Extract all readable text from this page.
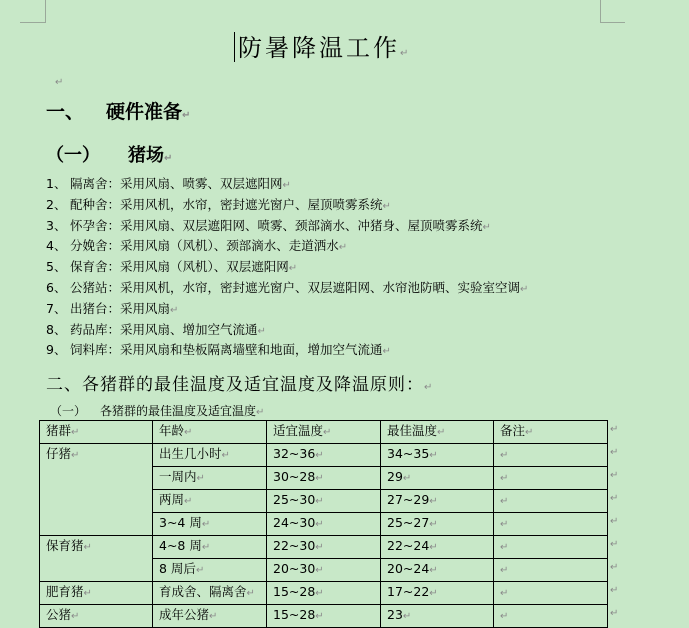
防暑降温工作↵
↵
一、 硬件准备↵
（一） 猪场↵
1、 隔离舍：采用风扇、喷雾、双层遮阳网↵
2、 配种舍：采用风机，水帘，密封遮光窗户、屋顶喷雾系统↵
3、 怀孕舍：采用风扇、双层遮阳网、喷雾、颈部滴水、冲猪身、屋顶喷雾系统↵
4、 分娩舍：采用风扇（风机）、颈部滴水、走道洒水↵
5、 保育舍：采用风扇（风机）、双层遮阳网↵
6、 公猪站：采用风机，水帘，密封遮光窗户、双层遮阳网、水帘池防晒、实验室空调↵
7、 出猪台：采用风扇↵
8、 药品库：采用风扇、增加空气流通↵
9、 饲料库：采用风扇和垫板隔离墙壁和地面，增加空气流通↵
二、各猪群的最佳温度及适宜温度及降温原则：↵
（一） 各猪群的最佳温度及适宜温度↵
猪群↵	年龄↵	适宜温度↵	最佳温度↵	备注↵
仔猪↵	出生几小时↵	32~36↵	34~35↵	↵
	一周内↵	30~28↵	29↵	↵
	两周↵	25~30↵	27~29↵	↵
	3~4 周↵	24~30↵	25~27↵	↵
保育猪↵	4~8 周↵	22~30↵	22~24↵	↵
	8 周后↵	20~30↵	20~24↵	↵
肥育猪↵	育成舍、隔离舍↵	15~28↵	17~22↵	↵
公猪↵	成年公猪↵	15~28↵	23↵	↵
↵
↵
↵
↵
↵
↵
↵
↵
↵
